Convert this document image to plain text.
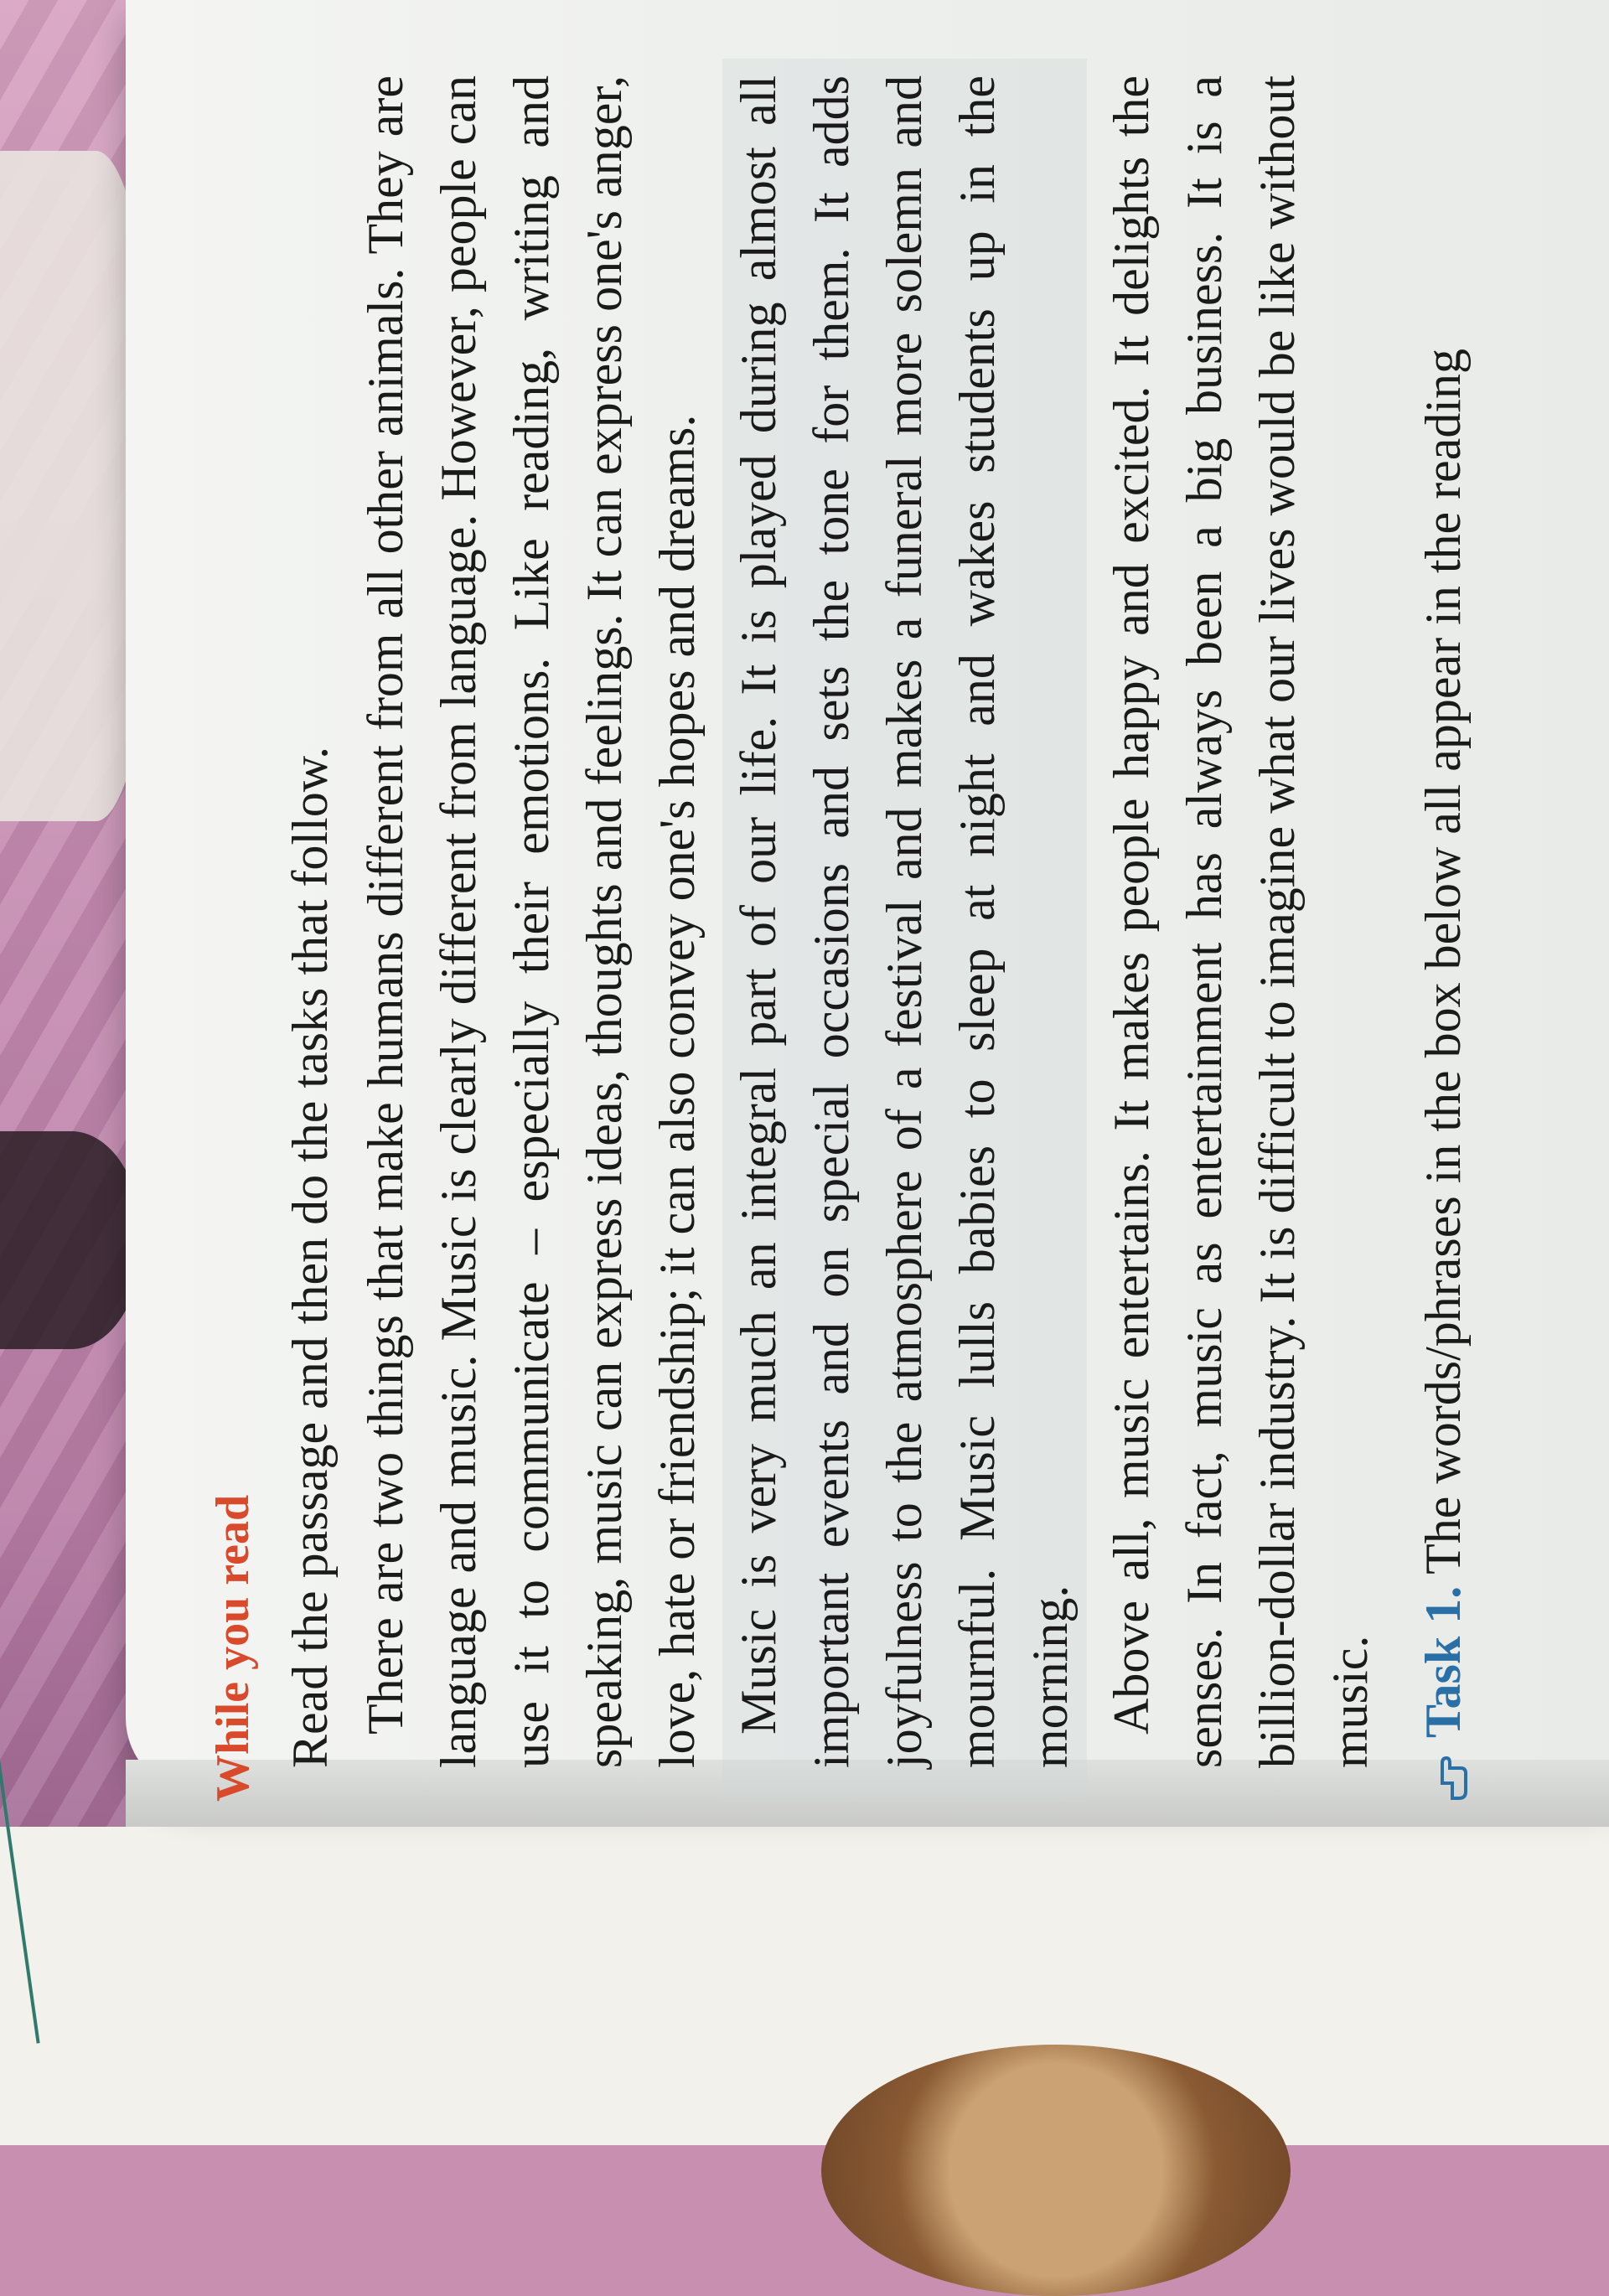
While you read Read the passage and then do the tasks that follow. There are two things that make humans different from all other animals. They are language and music. Music is clearly different from language. However, people can use it to communicate – especially their emotions. Like reading, writing and speaking, music can express ideas, thoughts and feelings. It can express one's anger, love, hate or friendship; it can also convey one's hopes and dreams. Music is very much an integral part of our life. It is played during almost all important events and on special occasions and sets the tone for them. It adds joyfulness to the atmosphere of a festival and makes a funeral more solemn and mournful. Music lulls babies to sleep at night and wakes students up in the morning. Above all, music entertains. It makes people happy and excited. It delights the senses. In fact, music as entertainment has always been a big business. It is a billion-dollar industry. It is difficult to imagine what our lives would be like without music. Task 1. The words/phrases in the box below all appear in the reading
